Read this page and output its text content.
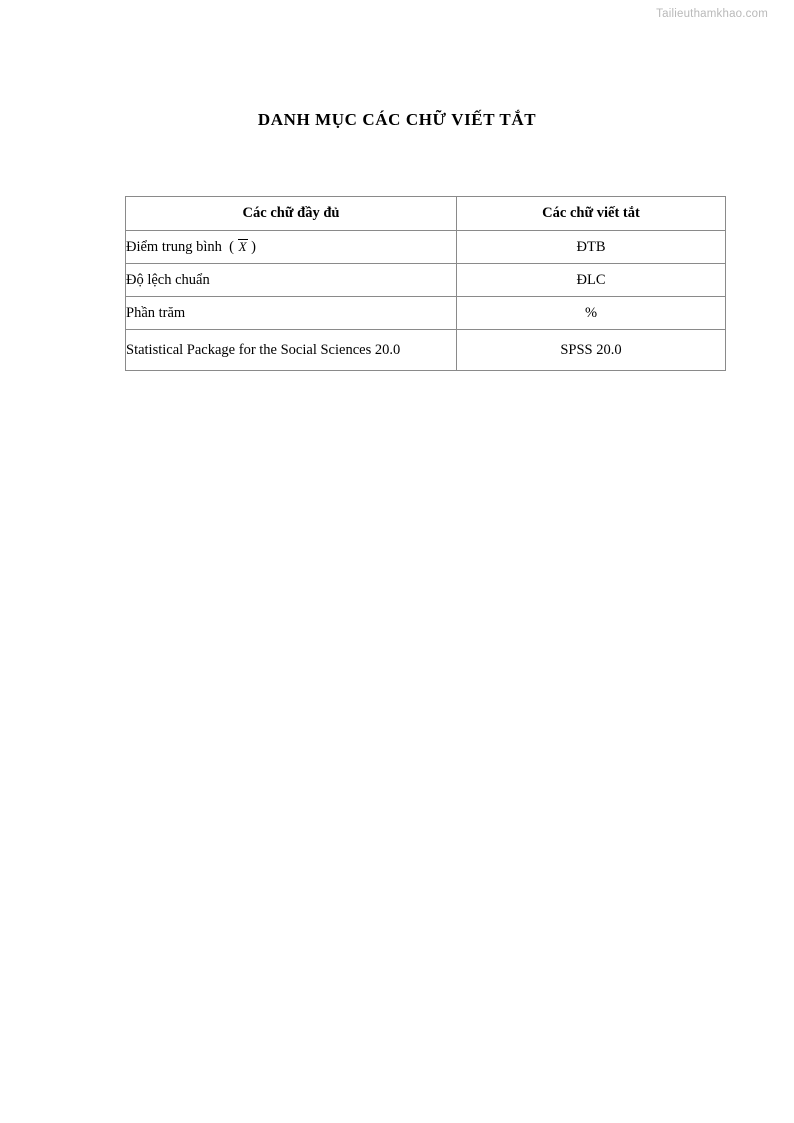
Tailieuthamkhao.com
DANH MỤC CÁC CHỮ VIẾT TẮT
Các chữ đầy đủ	Các chữ viết tắt
Điểm trung bình  ( X )	ĐTB
Độ lệch chuẩn	ĐLC
Phần trăm	%
Statistical Package for the Social Sciences 20.0	SPSS 20.0
